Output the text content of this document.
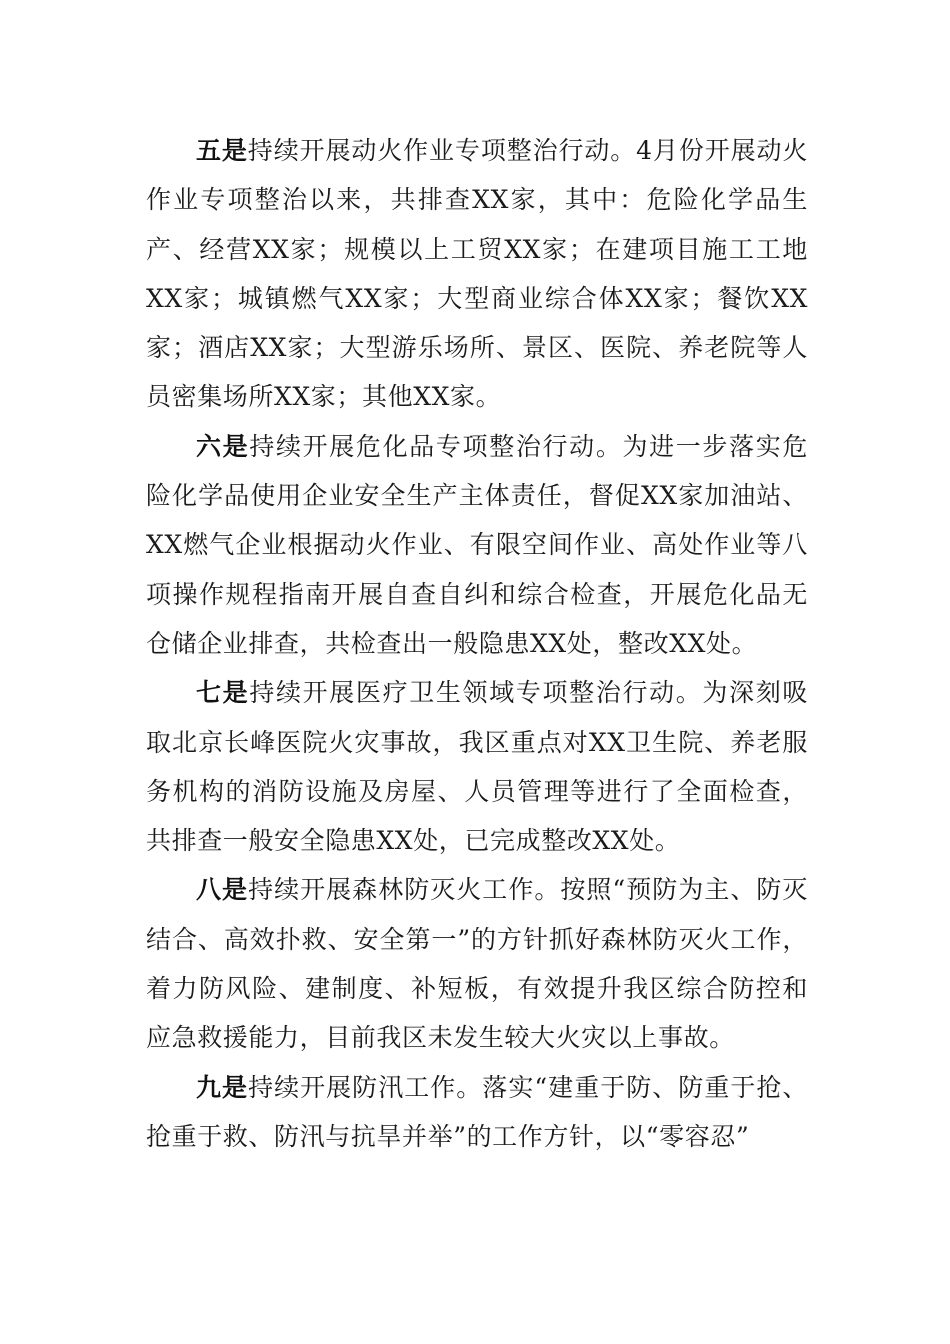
五是持续开展动火作业专项整治行动。4月份开展动火作业专项整治以来，共排查XX家，其中：危险化学品生产、经营XX家；规模以上工贸XX家；在建项目施工工地XX家；城镇燃气XX家；大型商业综合体XX家；餐饮XX家；酒店XX家；大型游乐场所、景区、医院、养老院等人员密集场所XX家；其他XX家。

六是持续开展危化品专项整治行动。为进一步落实危险化学品使用企业安全生产主体责任，督促XX家加油站、XX燃气企业根据动火作业、有限空间作业、高处作业等八项操作规程指南开展自查自纠和综合检查，开展危化品无仓储企业排查，共检查出一般隐患XX处，整改XX处。

七是持续开展医疗卫生领域专项整治行动。为深刻吸取北京长峰医院火灾事故，我区重点对XX卫生院、养老服务机构的消防设施及房屋、人员管理等进行了全面检查，共排查一般安全隐患XX处，已完成整改XX处。

八是持续开展森林防灭火工作。按照“预防为主、防灭结合、高效扑救、安全第一”的方针抓好森林防灭火工作，着力防风险、建制度、补短板，有效提升我区综合防控和应急救援能力，目前我区未发生较大火灾以上事故。

九是持续开展防汛工作。落实“建重于防、防重于抢、抢重于救、防汛与抗旱并举”的工作方针，以“零容忍”
